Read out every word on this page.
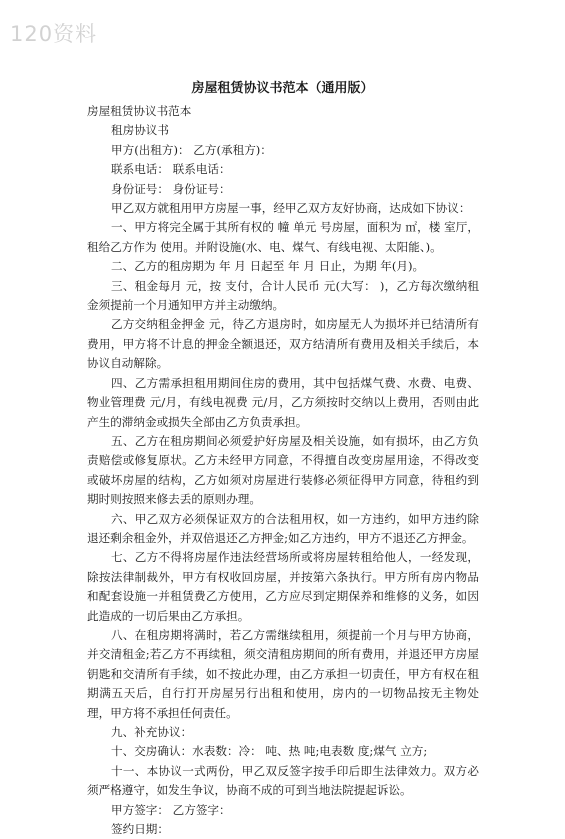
120资料
房屋租赁协议书范本（通用版）

房屋租赁协议书范本

租房协议书

甲方(出租方)： 乙方(承租方)：

联系电话： 联系电话：

身份证号： 身份证号：

甲乙双方就租用甲方房屋一事，经甲乙双方友好协商，达成如下协议：

一、甲方将完全属于其所有权的 幢 单元 号房屋，面积为 ㎡，楼 室厅，租给乙方作为 使用。并附设施(水、电、煤气、有线电视、太阳能、)。

二、乙方的租房期为 年 月 日起至 年 月 日止，为期 年(月)。

三、租金每月 元，按 支付，合计人民币 元(大写： )，乙方每次缴纳租金须提前一个月通知甲方并主动缴纳。

乙方交纳租金押金 元，待乙方退房时，如房屋无人为损坏并已结清所有费用，甲方将不计息的押金全额退还，双方结清所有费用及相关手续后，本协议自动解除。

四、乙方需承担租用期间住房的费用，其中包括煤气费、水费、电费、物业管理费 元/月，有线电视费 元/月，乙方须按时交纳以上费用，否则由此产生的滞纳金或损失全部由乙方负责承担。

五、乙方在租房期间必须爱护好房屋及相关设施，如有损坏，由乙方负责赔偿或修复原状。乙方未经甲方同意，不得擅自改变房屋用途，不得改变或破坏房屋的结构，乙方如须对房屋进行装修必须征得甲方同意，待租约到期时则按照来修去丢的原则办理。

六、甲乙双方必须保证双方的合法租用权，如一方违约，如甲方违约除退还剩余租金外，并双倍退还乙方押金;如乙方违约，甲方不退还乙方押金。

七、乙方不得将房屋作违法经营场所或将房屋转租给他人，一经发现，除按法律制裁外，甲方有权收回房屋，并按第六条执行。甲方所有房内物品和配套设施一并租赁费乙方使用，乙方应尽到定期保养和维修的义务，如因此造成的一切后果由乙方承担。

八、在租房期将满时，若乙方需继续租用，须提前一个月与甲方协商，并交清租金;若乙方不再续租，须交清租房期间的所有费用，并退还甲方房屋钥匙和交清所有手续，如不按此办理，由乙方承担一切责任，甲方有权在租期满五天后，自行打开房屋另行出租和使用，房内的一切物品按无主物处理，甲方将不承担任何责任。

九、补充协议：

十、交房确认：水表数：冷： 吨、热 吨;电表数 度;煤气 立方;

十一、本协议一式两份，甲乙双反签字按手印后即生法律效力。双方必须严格遵守，如发生争议，协商不成的可到当地法院提起诉讼。

甲方签字： 乙方签字：

签约日期：
